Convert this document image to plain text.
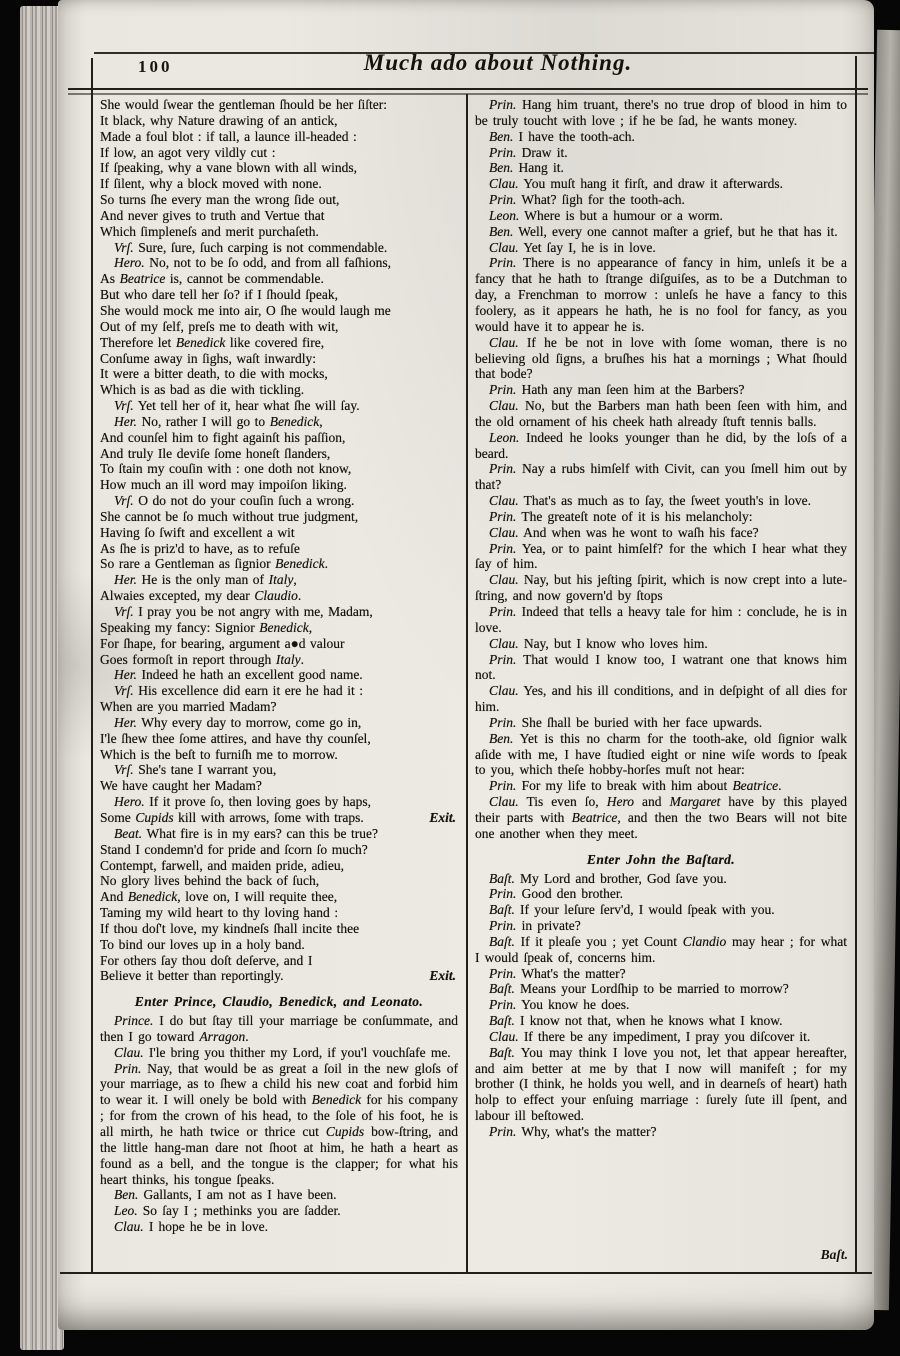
100	Much ado about Nothing.
She would ſwear the gentleman ſhould be her ſiſter:
It black, why Nature drawing of an antick,
Made a foul blot : if tall, a launce ill-headed :
If low, an agot very vildly cut :
If ſpeaking, why a vane blown with all winds,
If ſilent, why a block moved with none.
So turns ſhe every man the wrong ſide out,
And never gives to truth and Vertue that
Which ſimpleneſs and merit purchaſeth.
Vrſ. Sure, ſure, ſuch carping is not commendable.
Hero. No, not to be ſo odd, and from all faſhions,
As Beatrice is, cannot be commendable.
But who dare tell her ſo? if I ſhould ſpeak,
She would mock me into air, O ſhe would laugh me
Out of my ſelf, preſs me to death with wit,
Therefore let Benedick like covered fire,
Conſume away in ſighs, waſt inwardly:
It were a bitter death, to die with mocks,
Which is as bad as die with tickling.
Vrſ. Yet tell her of it, hear what ſhe will ſay.
Her. No, rather I will go to Benedick,
And counſel him to fight againſt his paſſion,
And truly Ile deviſe ſome honeſt ſlanders,
To ſtain my couſin with : one doth not know,
How much an ill word may impoiſon liking.
Vrſ. O do not do your couſin ſuch a wrong.
She cannot be ſo much without true judgment,
Having ſo ſwift and excellent a wit
As ſhe is priz'd to have, as to refuſe
So rare a Gentleman as ſignior Benedick.
Her. He is the only man of Italy,
Alwaies excepted, my dear Claudio.
Vrſ. I pray you be not angry with me, Madam,
Speaking my fancy: Signior Benedick,
For ſhape, for bearing, argument a●d valour
Goes formoſt in report through Italy.
Her. Indeed he hath an excellent good name.
Vrſ. His excellence did earn it ere he had it :
When are you married Madam?
Her. Why every day to morrow, come go in,
I'le ſhew thee ſome attires, and have thy counſel,
Which is the beſt to furniſh me to morrow.
Vrſ. She's tane I warrant you,
We have caught her Madam?
Hero. If it prove ſo, then loving goes by haps,
Exit.
Some Cupids kill with arrows, ſome with traps.
Beat. What fire is in my ears? can this be true?
Stand I condemn'd for pride and ſcorn ſo much?
Contempt, farwell, and maiden pride, adieu,
No glory lives behind the back of ſuch,
And Benedick, love on, I will requite thee,
Taming my wild heart to thy loving hand :
If thou doſ't love, my kindneſs ſhall incite thee
To bind our loves up in a holy band.
For others ſay thou doſt deſerve, and I
Exit.
Believe it better than reportingly.
Enter Prince, Claudio, Benedick, and Leonato.

Prince. I do but ſtay till your marriage be conſummate, and then I go toward Arragon.

Clau. I'le bring you thither my Lord, if you'l vouchſafe me.

Prin. Nay, that would be as great a ſoil in the new gloſs of your marriage, as to ſhew a child his new coat and forbid him to wear it. I will onely be bold with Benedick for his company ; for from the crown of his head, to the ſole of his foot, he is all mirth, he hath twice or thrice cut Cupids bow-ſtring, and the little hang-man dare not ſhoot at him, he hath a heart as found as a bell, and the tongue is the clapper; for what his heart thinks, his tongue ſpeaks.

Ben. Gallants, I am not as I have been.

Leo. So ſay I ; methinks you are ſadder.

Clau. I hope he be in love.

Prin. Hang him truant, there's no true drop of blood in him to be truly toucht with love ; if he be ſad, he wants money.

Ben. I have the tooth-ach.

Prin. Draw it.

Ben. Hang it.

Clau. You muſt hang it firſt, and draw it afterwards.

Prin. What? ſigh for the tooth-ach.

Leon. Where is but a humour or a worm.

Ben. Well, every one cannot maſter a grief, but he that has it.

Clau. Yet ſay I, he is in love.

Prin. There is no appearance of fancy in him, unleſs it be a fancy that he hath to ſtrange diſguiſes, as to be a Dutchman to day, a Frenchman to morrow : unleſs he have a fancy to this foolery, as it appears he hath, he is no fool for fancy, as you would have it to appear he is.

Clau. If he be not in love with ſome woman, there is no believing old ſigns, a bruſhes his hat a mornings ; What ſhould that bode?

Prin. Hath any man ſeen him at the Barbers?

Clau. No, but the Barbers man hath been ſeen with him, and the old ornament of his cheek hath already ſtuft tennis balls.

Leon. Indeed he looks younger than he did, by the loſs of a beard.

Prin. Nay a rubs himſelf with Civit, can you ſmell him out by that?

Clau. That's as much as to ſay, the ſweet youth's in love.

Prin. The greateſt note of it is his melancholy:

Clau. And when was he wont to waſh his face?

Prin. Yea, or to paint himſelf? for the which I hear what they ſay of him.

Clau. Nay, but his jeſting ſpirit, which is now crept into a lute-ſtring, and now govern'd by ſtops

Prin. Indeed that tells a heavy tale for him : conclude, he is in love.

Clau. Nay, but I know who loves him.

Prin. That would I know too, I watrant one that knows him not.

Clau. Yes, and his ill conditions, and in deſpight of all dies for him.

Prin. She ſhall be buried with her face upwards.

Ben. Yet is this no charm for the tooth-ake, old ſignior walk aſide with me, I have ſtudied eight or nine wiſe words to ſpeak to you, which theſe hobby-horſes muſt not hear:

Prin. For my life to break with him about Beatrice.

Clau. Tis even ſo, Hero and Margaret have by this played their parts with Beatrice, and then the two Bears will not bite one another when they meet.

Enter John the Baſtard.

Baſt. My Lord and brother, God ſave you.

Prin. Good den brother.

Baſt. If your leſure ſerv'd, I would ſpeak with you.

Prin. in private?

Baſt. If it pleaſe you ; yet Count Clandio may hear ; for what I would ſpeak of, concerns him.

Prin. What's the matter?

Baſt. Means your Lordſhip to be married to morrow?

Prin. You know he does.

Baſt. I know not that, when he knows what I know.

Clau. If there be any impediment, I pray you diſcover it.

Baſt. You may think I love you not, let that appear hereafter, and aim better at me by that I now will manifeſt ; for my brother (I think, he holds you well, and in dearneſs of heart) hath holp to effect your enſuing marriage : ſurely ſute ill ſpent, and labour ill beſtowed.

Prin. Why, what's the matter?

Baſt.
